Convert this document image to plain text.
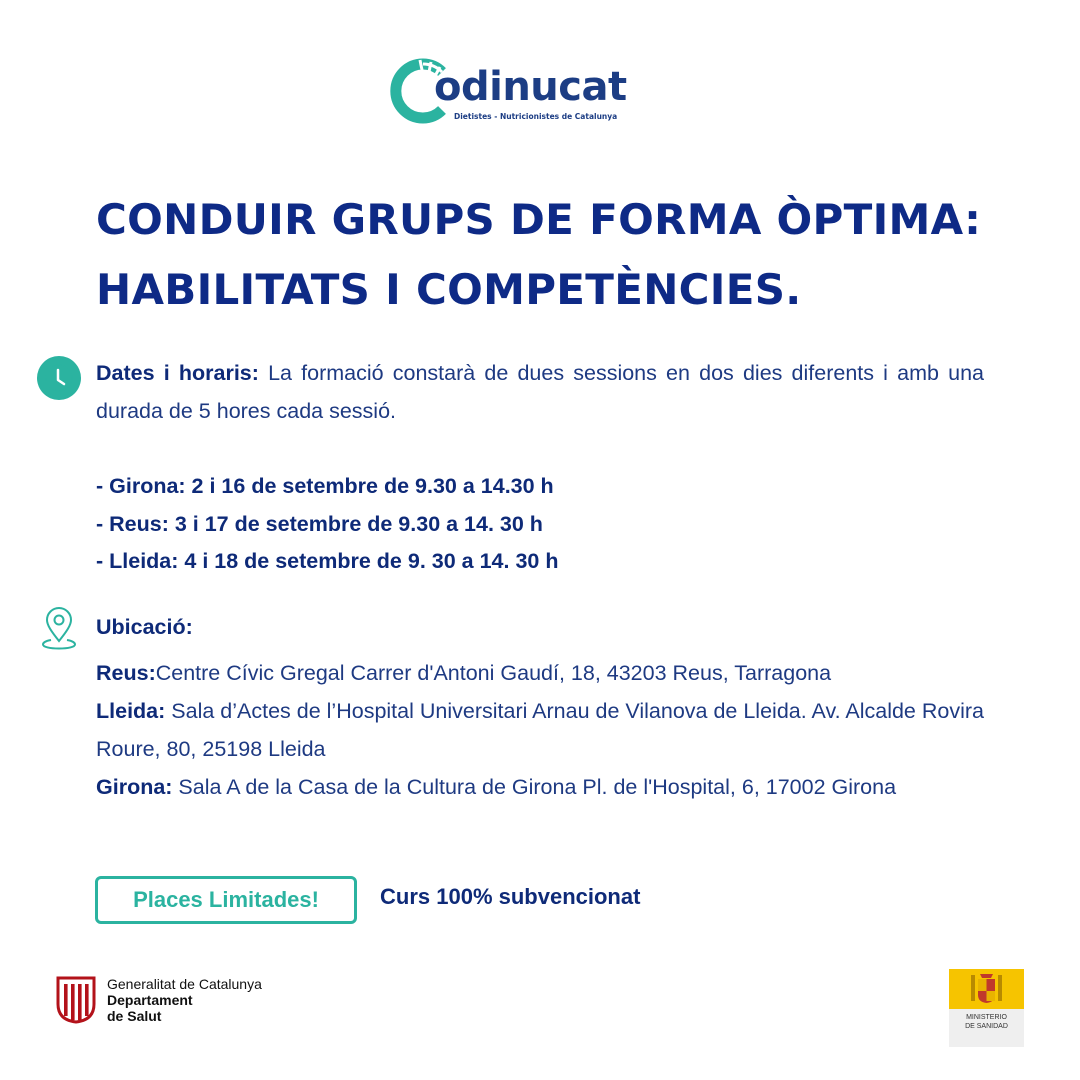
odinucat
Dietistes - Nutricionistes de Catalunya
CONDUIR GRUPS DE FORMA ÒPTIMA:
HABILITATS I COMPETÈNCIES.

Dates i horaris: La formació constarà de dues sessions en dos dies diferents i amb una durada de 5 hores cada sessió.

- Girona: 2 i 16 de setembre de 9.30 a 14.30 h
- Reus: 3 i 17 de setembre de 9.30 a 14. 30 h
- Lleida: 4 i 18 de setembre de 9. 30 a 14. 30 h
Ubicació:

Reus:Centre Cívic Gregal Carrer d'Antoni Gaudí, 18, 43203 Reus, Tarragona

Lleida: Sala d’Actes de l’Hospital Universitari Arnau de Vilanova de Lleida. Av. Alcalde Rovira Roure, 80, 25198 Lleida

Girona: Sala A de la Casa de la Cultura de Girona Pl. de l'Hospital, 6, 17002 Girona

Places Limitades!	Curs 100% subvencionat
Generalitat de Catalunya
Departament
de Salut	MINISTERIO
DE SANIDAD
